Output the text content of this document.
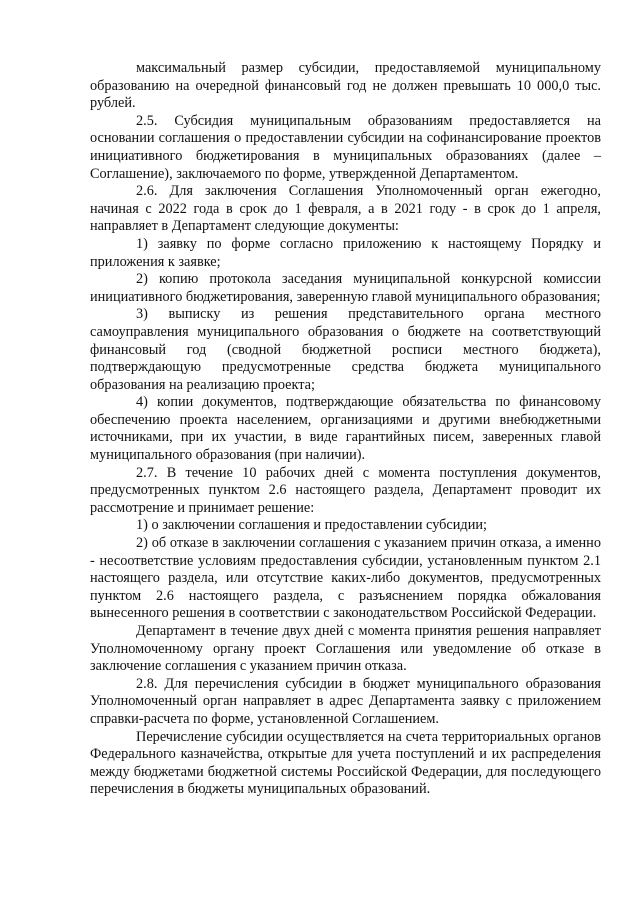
максимальный размер субсидии, предоставляемой муниципальному образованию на очередной финансовый год не должен превышать 10 000,0 тыс. рублей.

2.5. Субсидия муниципальным образованиям предоставляется на основании соглашения о предоставлении субсидии на софинансирование проектов инициативного бюджетирования в муниципальных образованиях (далее – Соглашение), заключаемого по форме, утвержденной Департаментом.

2.6. Для заключения Соглашения Уполномоченный орган ежегодно, начиная с 2022 года в срок до 1 февраля, а в 2021 году - в срок до 1 апреля, направляет в Департамент следующие документы:

1) заявку по форме согласно приложению к настоящему Порядку и приложения к заявке;

2) копию протокола заседания муниципальной конкурсной комиссии инициативного бюджетирования, заверенную главой муниципального образования;

3) выписку из решения представительного органа местного самоуправления муниципального образования о бюджете на соответствующий финансовый год (сводной бюджетной росписи местного бюджета), подтверждающую предусмотренные средства бюджета муниципального образования на реализацию проекта;

4) копии документов, подтверждающие обязательства по финансовому обеспечению проекта населением, организациями и другими внебюджетными источниками, при их участии, в виде гарантийных писем, заверенных главой муниципального образования (при наличии).

2.7. В течение 10 рабочих дней с момента поступления документов, предусмотренных пунктом 2.6 настоящего раздела, Департамент проводит их рассмотрение и принимает решение:

1) о заключении соглашения и предоставлении субсидии;

2) об отказе в заключении соглашения с указанием причин отказа, а именно - несоответствие условиям предоставления субсидии, установленным пунктом 2.1 настоящего раздела, или отсутствие каких-либо документов, предусмотренных пунктом 2.6 настоящего раздела, с разъяснением порядка обжалования вынесенного решения в соответствии с законодательством Российской Федерации.

Департамент в течение двух дней с момента принятия решения направляет Уполномоченному органу проект Соглашения или уведомление об отказе в заключение соглашения с указанием причин отказа.

2.8. Для перечисления субсидии в бюджет муниципального образования Уполномоченный орган направляет в адрес Департамента заявку с приложением справки-расчета по форме, установленной Соглашением.

Перечисление субсидии осуществляется на счета территориальных органов Федерального казначейства, открытые для учета поступлений и их распределения между бюджетами бюджетной системы Российской Федерации, для последующего перечисления в бюджеты муниципальных образований.
